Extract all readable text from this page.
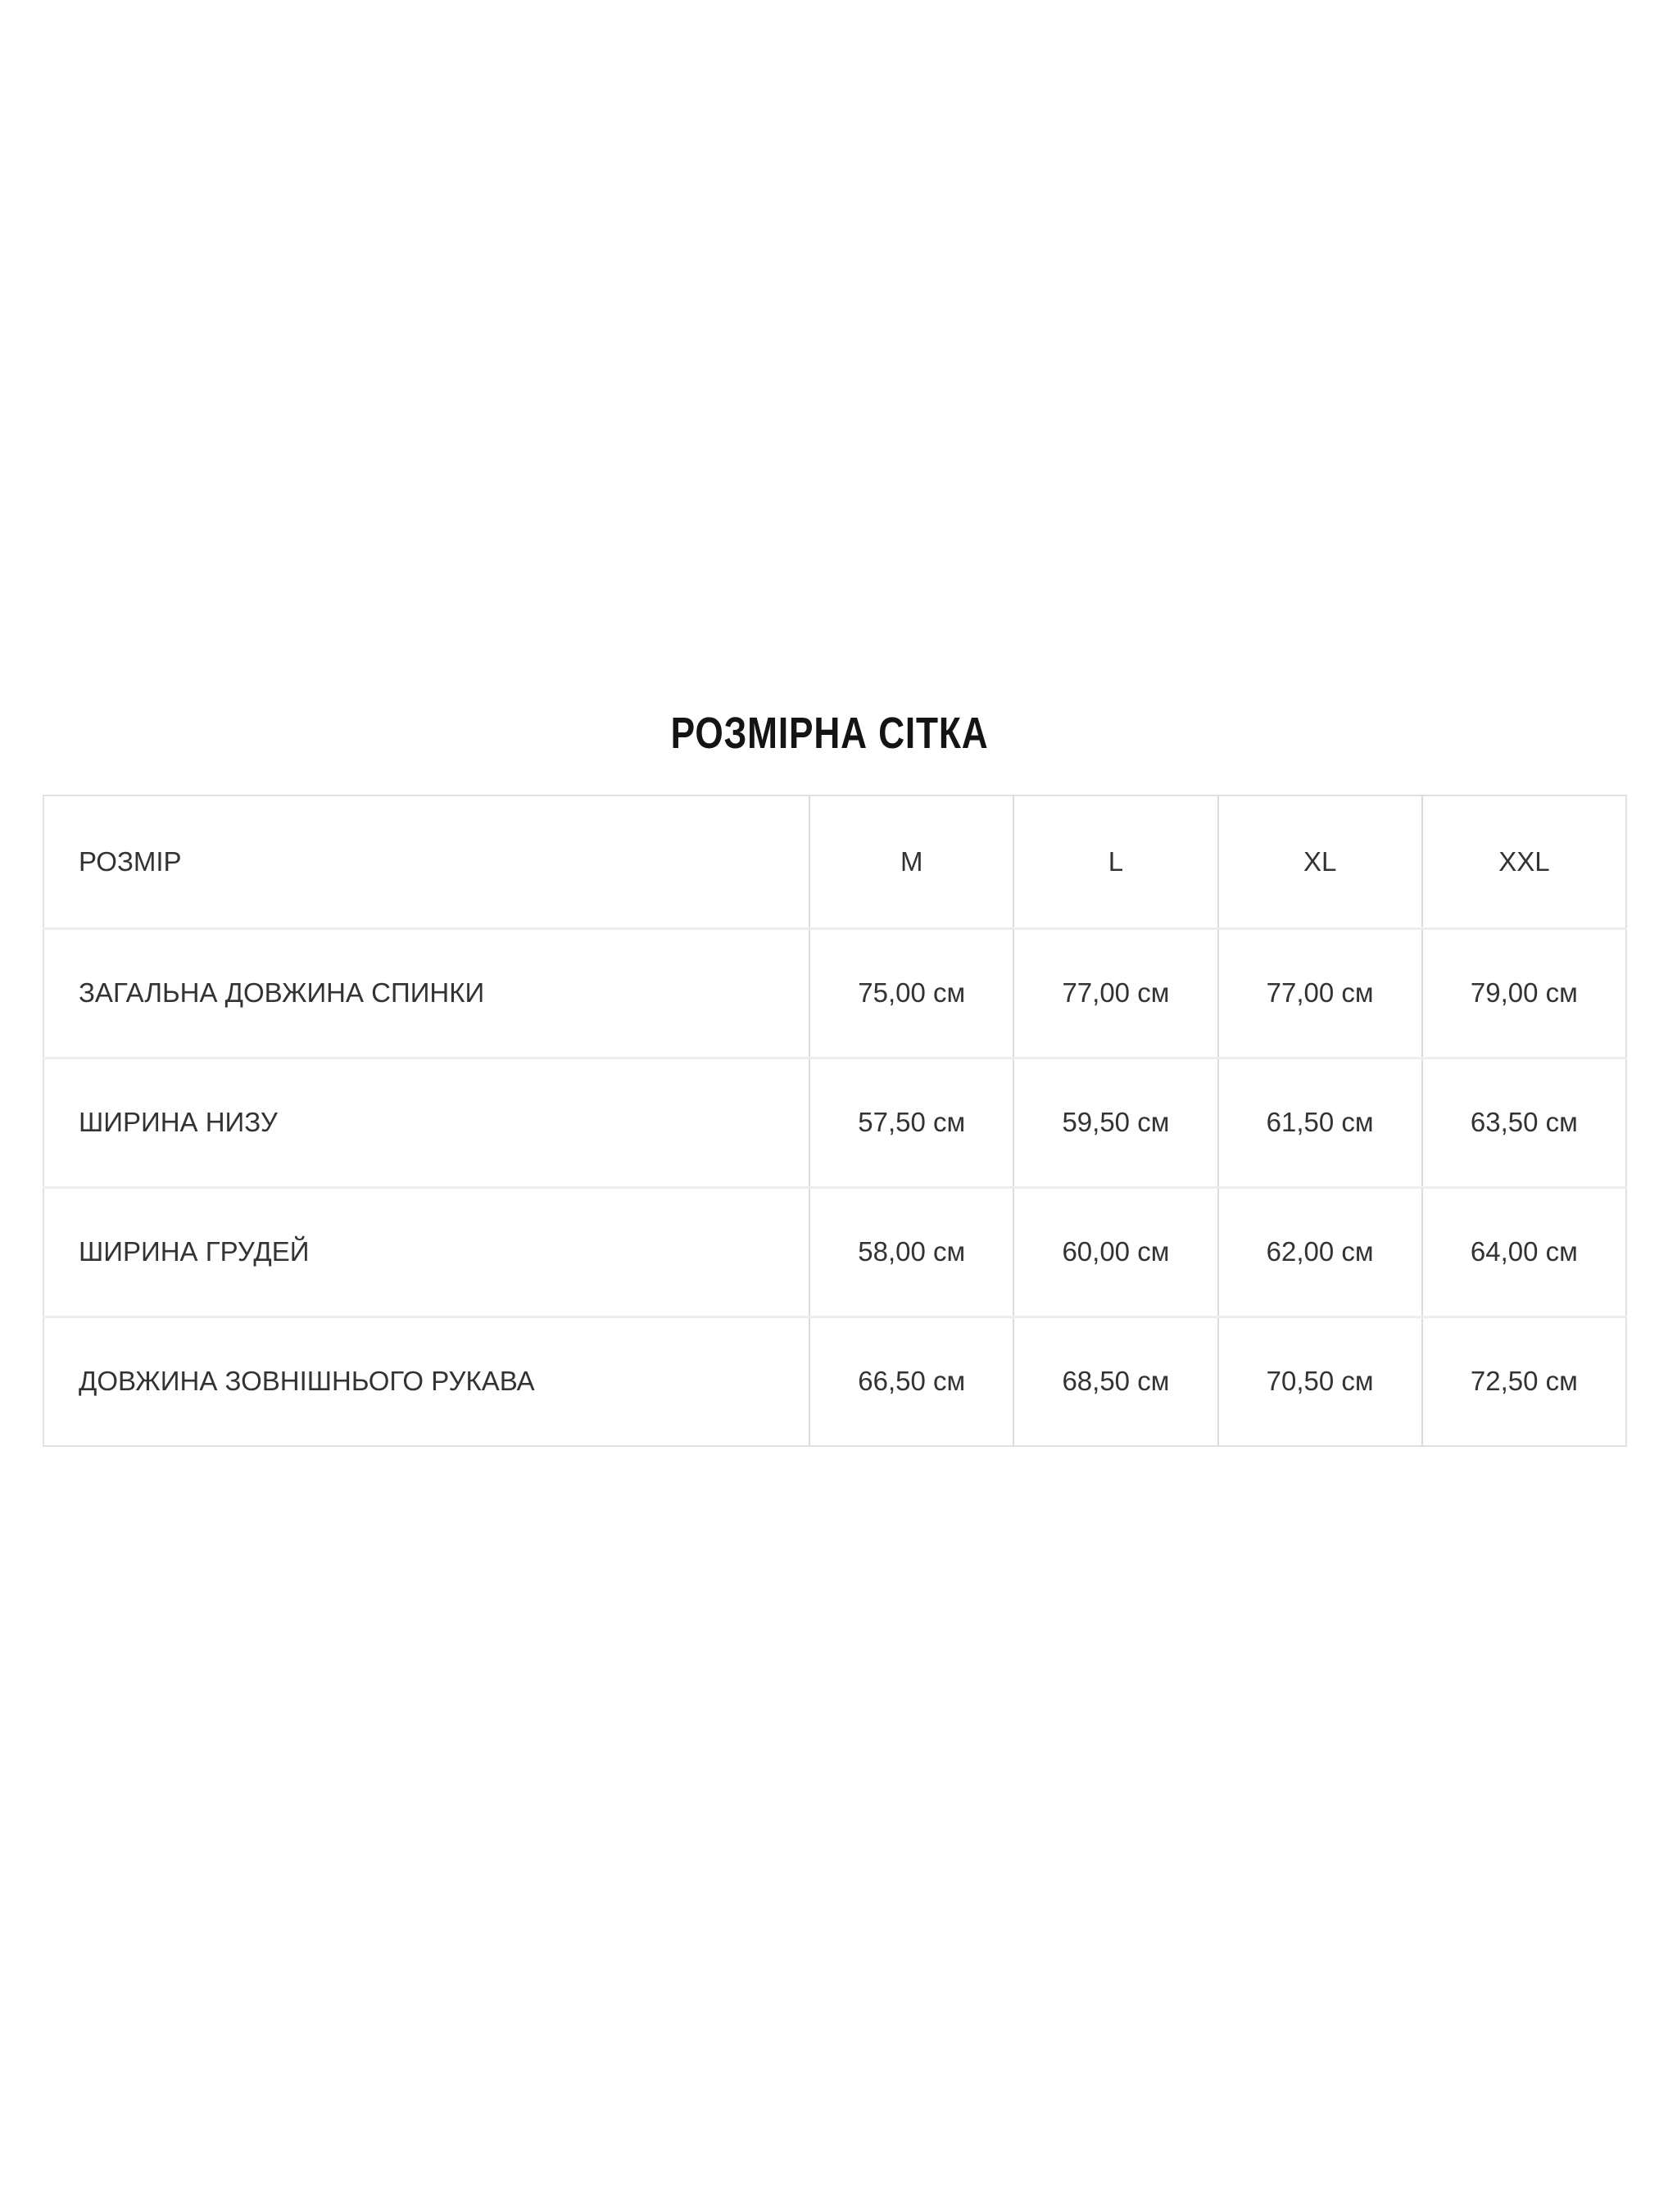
РОЗМІРНА СІТКА
РОЗМІР	M	L	XL	XXL
ЗАГАЛЬНА ДОВЖИНА СПИНКИ	75,00 см	77,00 см	77,00 см	79,00 см
ШИРИНА НИЗУ	57,50 см	59,50 см	61,50 см	63,50 см
ШИРИНА ГРУДЕЙ	58,00 см	60,00 см	62,00 см	64,00 см
ДОВЖИНА ЗОВНІШНЬОГО РУКАВА	66,50 см	68,50 см	70,50 см	72,50 см
